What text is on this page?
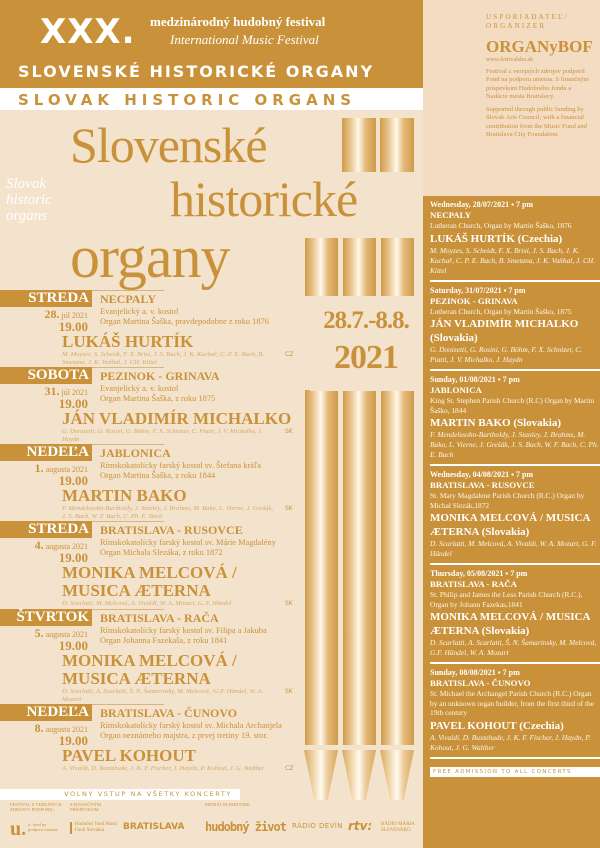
XXX. medzinárodný hudobný festival
International Music Festival
SLOVENSKÉ HISTORICKÉ ORGANY
SLOVAK HISTORIC ORGANS
USPORIADATEĽ/ ORGANIZER
ORGANyBOF
www.festivalsho.sk

Festival z verejných zdrojov podporil Fond na podporu umenia. S finančným príspevkom Hudobného fondu a Nadácie mesta Bratislavy.

Supported through public funding by Slovak Arts Council; with a financial contribution from the Music Fund and Bratislava City Foundation.

Slovak
historic
organs
Slovenské
historické
organy
28.7.-8.8.
2021
STREDA NECPALY
28. júl 2021
19.00
Evanjelický a. v. kostol
Organ Martina Šaška, pravdepodobne z roku 1876
LUKÁŠ HURTÍK
M. Moyzes, S. Scheidt, F. X. Brixi, J. S. Bach, J. K. Kuchař, C. P. E. Bach, B. Smetana, J. K. Vaňhal, J. CH. Kittel
CZ
SOBOTA PEZINOK - GRINAVA
31. júl 2021
19.00
Evanjelický a. v. kostol
Organ Martina Šaška, z roku 1875
JÁN VLADIMÍR MICHALKO
G. Donizetti, G. Rosini, G. Böhm, F. X. Schnizer, C. Piatti, J. V. Michalko, J. Haydn
SK
NEDEĽA JABLONICA
1. augusta 2021
19.00
Rímskokatolícky farský kostol sv. Štefana kráľa
Organ Martina Šaška, z roku 1844
MARTIN BAKO
F. Mendelssohn-Bartholdy, J. Stanley, J. Brahms, M. Bako, L. Vierne, J. Grešák, J. S. Bach, W. F. Bach, C. Ph. E. Bach
SK
STREDA BRATISLAVA - RUSOVCE
4. augusta 2021
19.00
Rímskokatolícky farský kostol sv. Márie Magdalény
Organ Michala Slezáka, z roku 1872
MONIKA MELCOVÁ /
MUSICA ÆTERNA
D. Scarlatti, M. Melcová, A. Vivaldi, W. A. Mozart, G. F. Händel	SK
ŠTVRTOK BRATISLAVA - RAČA
5. augusta 2021
19.00
Rímskokatolícky farský kostol sv. Filipa a Jakuba
Organ Johanna Fazekaša, z roku 1841
MONIKA MELCOVÁ /
MUSICA ÆTERNA
D. Scarlatti, A. Scarlatti, Š. N. Šamarinsky, M. Melcová, /G.F. Händel, W. A. Mozart
SK
NEDEĽA BRATISLAVA - ČUNOVO
8. augusta 2021
19.00
Rímskokatolícky farský kostol sv. Michala Archanjela
Organ neznámeho majstra, z prvej tretiny 19. stor.
PAVEL KOHOUT
A. Vivaldi, D. Buxtehude, J. K. F. Fischer, J. Haydn, P. Kohout, J. G. Walther	CZ
VOLNÝ VSTUP NA VŠETKY KONCERTY
Wednesday, 28/07/2021 ▪ 7 pm
NECPALY
Lutheran Church, Organ by Martin Šaško, 1876
LUKÁŠ HURTÍK (Czechia)
M. Moyzes, S. Scheidt, F. X. Brixi, J. S. Bach, J. K. Kuchař, C. P. E. Bach, B. Smetana, J. K. Vaňhal, J. CH. Kittel
Saturday, 31/07/2021 ▪ 7 pm
PEZINOK - GRINAVA
Lutheran Church, Organ by Martin Šaško, 1875
JÁN VLADIMÍR MICHALKO (Slovakia)
G. Donizetti, G. Rosini, G. Böhm, F. X. Schnizer, C. Piatti, J. V. Michalko, J. Haydn
Sunday, 01/08/2021 ▪ 7 pm
JABLONICA
King St. Stephen Parish Church (R.C) Organ by Martin Šaško, 1844
MARTIN BAKO (Slovakia)
F. Mendelssohn-Bartholdy, J. Stanley, J. Brahms, M. Bako, L. Vierne, J. Grešák, J. S. Bach, W. F. Bach, C. Ph. E. Bach
Wednesday, 04/08/2021 ▪ 7 pm
BRATISLAVA - RUSOVCE
St. Mary Magdalene Parish Church (R.C.) Organ by Michal Slezák,1872
MONIKA MELCOVÁ / MUSICA ÆTERNA (Slovakia)
D. Scarlatti, M. Melcová, A. Vivaldi, W. A. Mozart, G. F. Händel
Thursday, 05/08/2021 ▪ 7 pm
BRATISLAVA - RAČA
St. Philip and James the Less Parish Church (R.C.), Organ by Johann Fazekas,1841
MONIKA MELCOVÁ / MUSICA ÆTERNA (Slovakia)
D. Scarlatti, A. Scarlatti, Š. N. Šamarinsky, M. Melcová, G.F. Händel, W. A. Mozart
Sunday, 08/08/2021 ▪ 7 pm
BRATISLAVA - ČUNOVO
St. Michael the Archangel Parish Church (R.C.) Organ by an unknown organ builder, from the first third of the 19th century
PAVEL KOHOUT (Czechia)
A. Vivaldi, D. Buxtehude, J. K. F. Fischer, J. Haydn, P. Kohout, J. G. Walther
FREE ADMISSION TO ALL CONCERTS
FESTIVAL Z VEREJNÝCH ZDROJOV PODPORIL:
S FINANČNÝM PRÍSPEVKOM
MEDIÁLNI PARTNERI
u. u. fond na podporu umenia
Hudobný fond Music Fund Slovakia	BRATISLAVA hudobný život RÁDIO DEVÍN rtv: RÁDIO MÁRIA SLOVENSKO
